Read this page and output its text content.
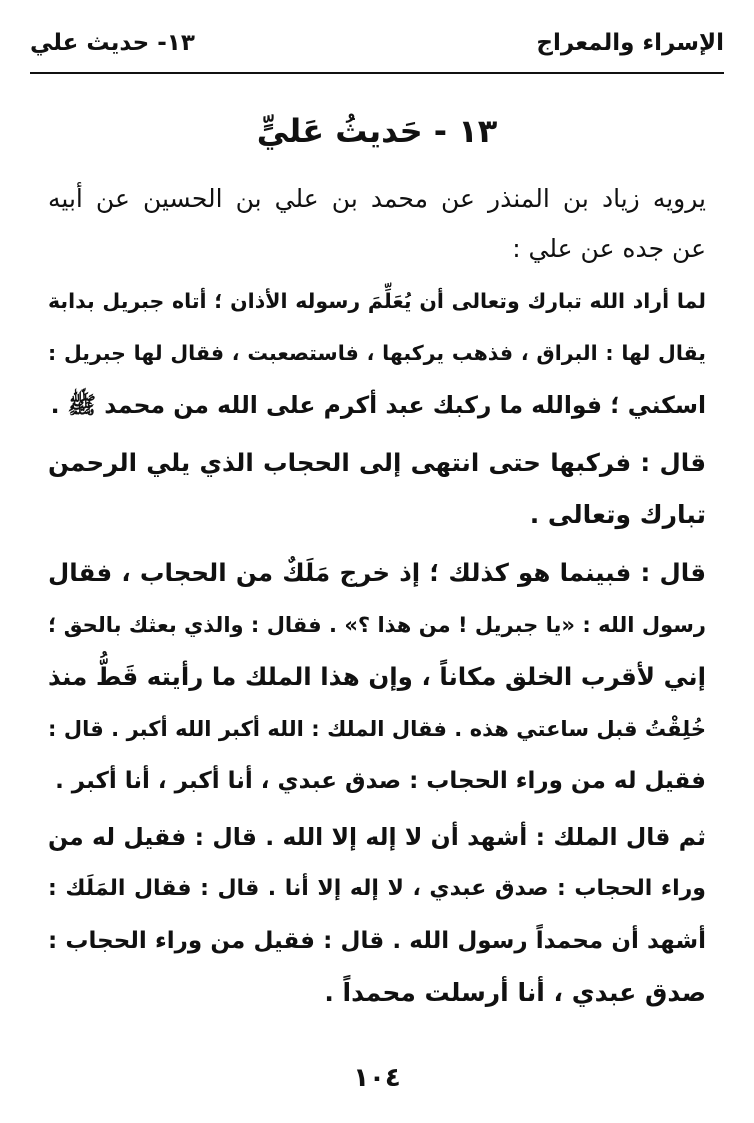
الإسراء والمعراج
١٣- حديث علي
١٣ - حَديثُ عَليٍّ
يرويه زياد بن المنذر عن محمد بن علي بن الحسين عن أبيه
عن جده عن علي :
لما أراد الله تبارك وتعالى أن يُعَلِّمَ رسوله الأذان ؛ أتاه جبريل بدابة
يقال لها : البراق ، فذهب يركبها ، فاستصعبت ، فقال لها جبريل :
اسكني ؛ فوالله ما ركبك عبد أكرم على الله من محمد ﷺ .
قال : فركبها حتى انتهى إلى الحجاب الذي يلي الرحمن
تبارك وتعالى .
قال : فبينما هو كذلك ؛ إذ خرج مَلَكٌ من الحجاب ، فقال
رسول الله : «يا جبريل ! من هذا ؟» . فقال : والذي بعثك بالحق ؛
إني لأقرب الخلق مكاناً ، وإن هذا الملك ما رأيته قَطُّ منذ
خُلِقْتُ قبل ساعتي هذه . فقال الملك : الله أكبر الله أكبر . قال :
فقيل له من وراء الحجاب : صدق عبدي ، أنا أكبر ، أنا أكبر .
ثم قال الملك : أشهد أن لا إله إلا الله . قال : فقيل له من
وراء الحجاب : صدق عبدي ، لا إله إلا أنا . قال : فقال المَلَك :
أشهد أن محمداً رسول الله . قال : فقيل من وراء الحجاب :
صدق عبدي ، أنا أرسلت محمداً .
١٠٤
